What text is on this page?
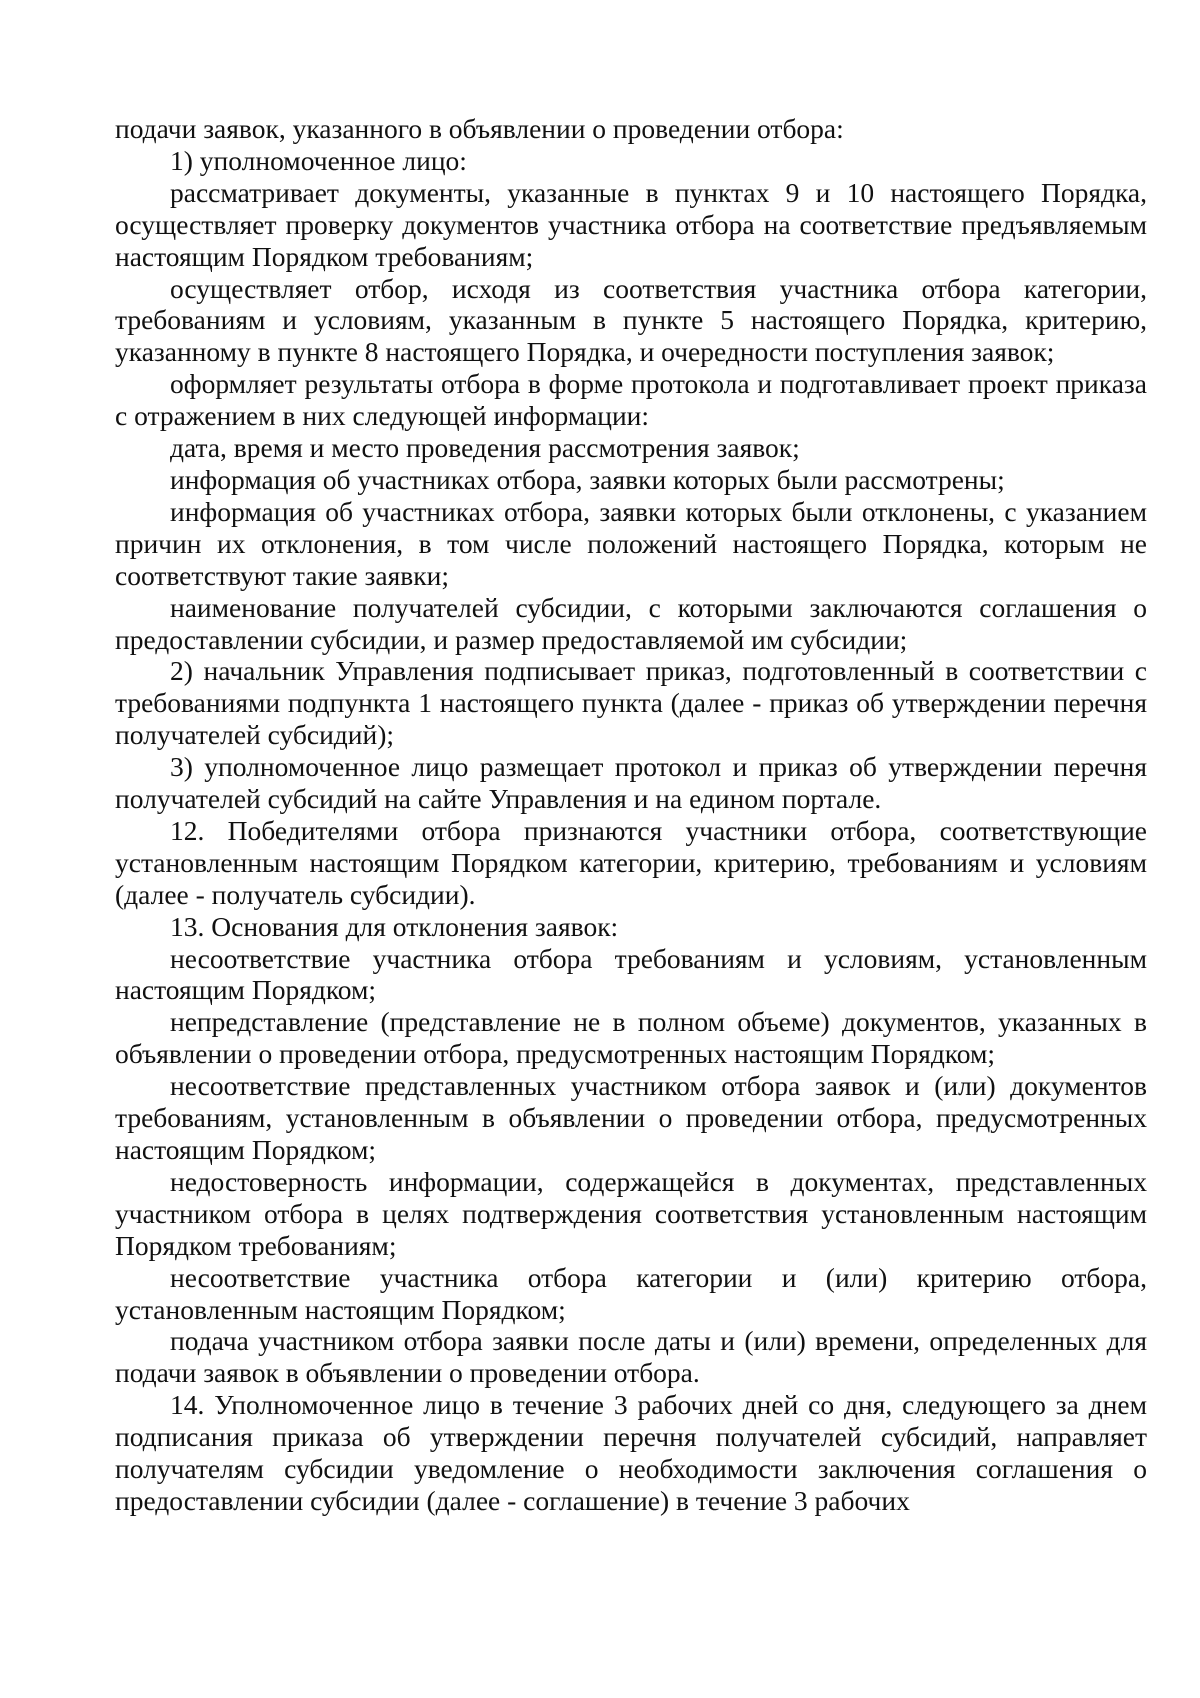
подачи заявок, указанного в объявлении о проведении отбора:

1) уполномоченное лицо:

рассматривает документы, указанные в пунктах 9 и 10 настоящего Порядка, осуществляет проверку документов участника отбора на соответствие предъявляемым настоящим Порядком требованиям;

осуществляет отбор, исходя из соответствия участника отбора категории, требованиям и условиям, указанным в пункте 5 настоящего Порядка, критерию, указанному в пункте 8 настоящего Порядка, и очередности поступления заявок;

оформляет результаты отбора в форме протокола и подготавливает проект приказа с отражением в них следующей информации:

дата, время и место проведения рассмотрения заявок;

информация об участниках отбора, заявки которых были рассмотрены;

информация об участниках отбора, заявки которых были отклонены, с указанием причин их отклонения, в том числе положений настоящего Порядка, которым не соответствуют такие заявки;

наименование получателей субсидии, с которыми заключаются соглашения о предоставлении субсидии, и размер предоставляемой им субсидии;

2) начальник Управления подписывает приказ, подготовленный в соответствии с требованиями подпункта 1 настоящего пункта (далее - приказ об утверждении перечня получателей субсидий);

3) уполномоченное лицо размещает протокол и приказ об утверждении перечня получателей субсидий на сайте Управления и на едином портале.

12. Победителями отбора признаются участники отбора, соответствующие установленным настоящим Порядком категории, критерию, требованиям и условиям (далее - получатель субсидии).

13. Основания для отклонения заявок:

несоответствие участника отбора требованиям и условиям, установленным настоящим Порядком;

непредставление (представление не в полном объеме) документов, указанных в объявлении о проведении отбора, предусмотренных настоящим Порядком;

несоответствие представленных участником отбора заявок и (или) документов требованиям, установленным в объявлении о проведении отбора, предусмотренных настоящим Порядком;

недостоверность информации, содержащейся в документах, представленных участником отбора в целях подтверждения соответствия установленным настоящим Порядком требованиям;

несоответствие участника отбора категории и (или) критерию отбора, установленным настоящим Порядком;

подача участником отбора заявки после даты и (или) времени, определенных для подачи заявок в объявлении о проведении отбора.

14. Уполномоченное лицо в течение 3 рабочих дней со дня, следующего за днем подписания приказа об утверждении перечня получателей субсидий, направляет получателям субсидии уведомление о необходимости заключения соглашения о предоставлении субсидии (далее - соглашение) в течение 3 рабочих
